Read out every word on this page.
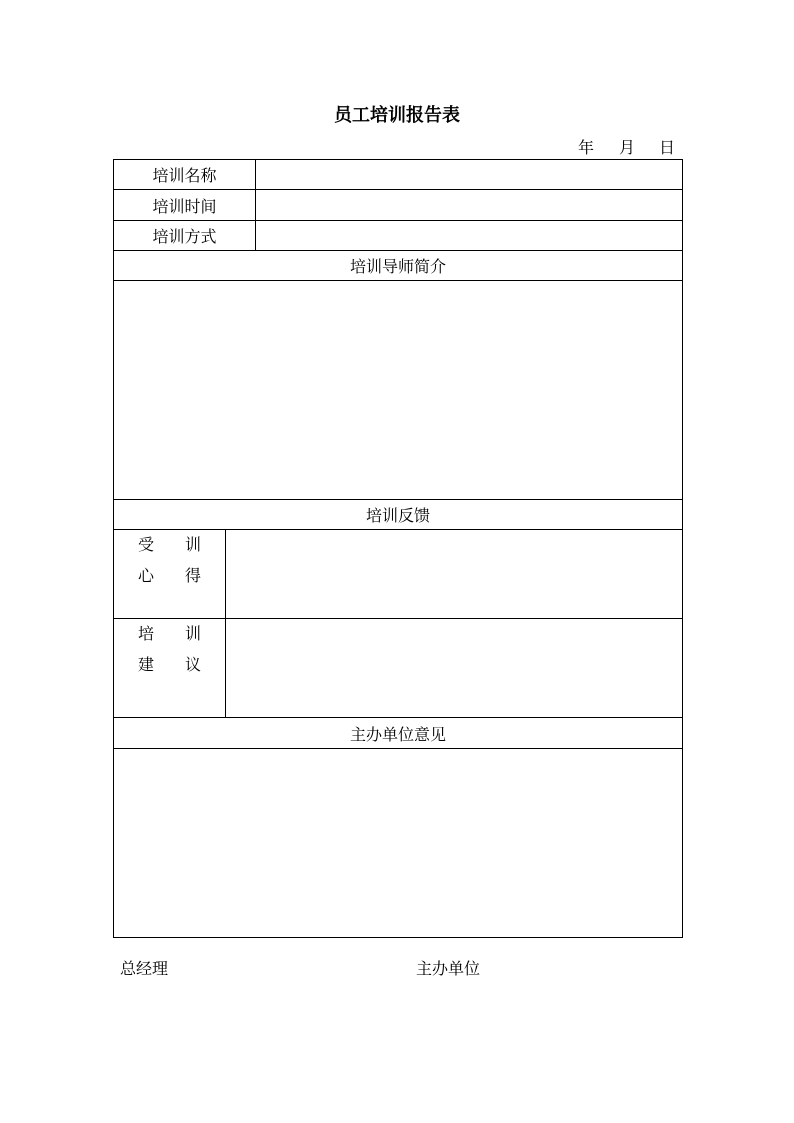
员工培训报告表
年 月 日
培训名称		
培训时间		
培训方式		
培训导师简介		

培训反馈		

受 训
心 得		

培 训
建 议		

主办单位意见		

总经理	主办单位
